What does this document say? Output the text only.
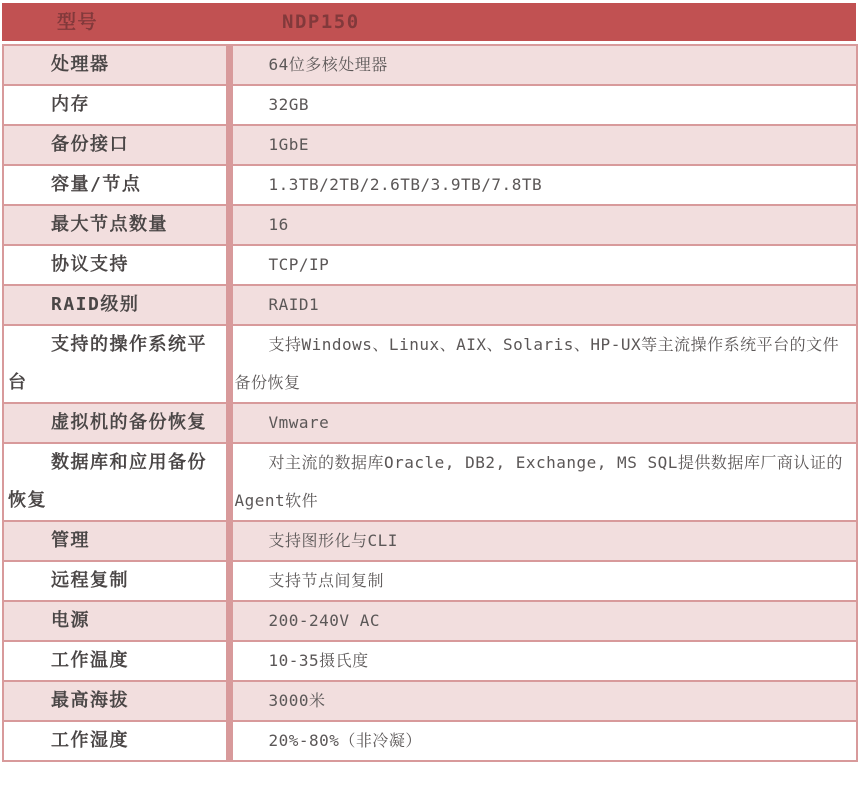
型号	NDP150
处理器	64位多核处理器
内存	32GB
备份接口	1GbE
容量/节点	1.3TB/2TB/2.6TB/3.9TB/7.8TB
最大节点数量	16
协议支持	TCP/IP
RAID级别	RAID1
支持的操作系统平台	支持Windows、Linux、AIX、Solaris、HP-UX等主流操作系统平台的文件备份恢复
虚拟机的备份恢复	Vmware
数据库和应用备份恢复	对主流的数据库Oracle, DB2, Exchange, MS SQL提供数据库厂商认证的Agent软件
管理	支持图形化与CLI
远程复制	支持节点间复制
电源	200-240V AC
工作温度	10-35摄氏度
最高海拔	3000米
工作湿度	20%-80%（非冷凝）
